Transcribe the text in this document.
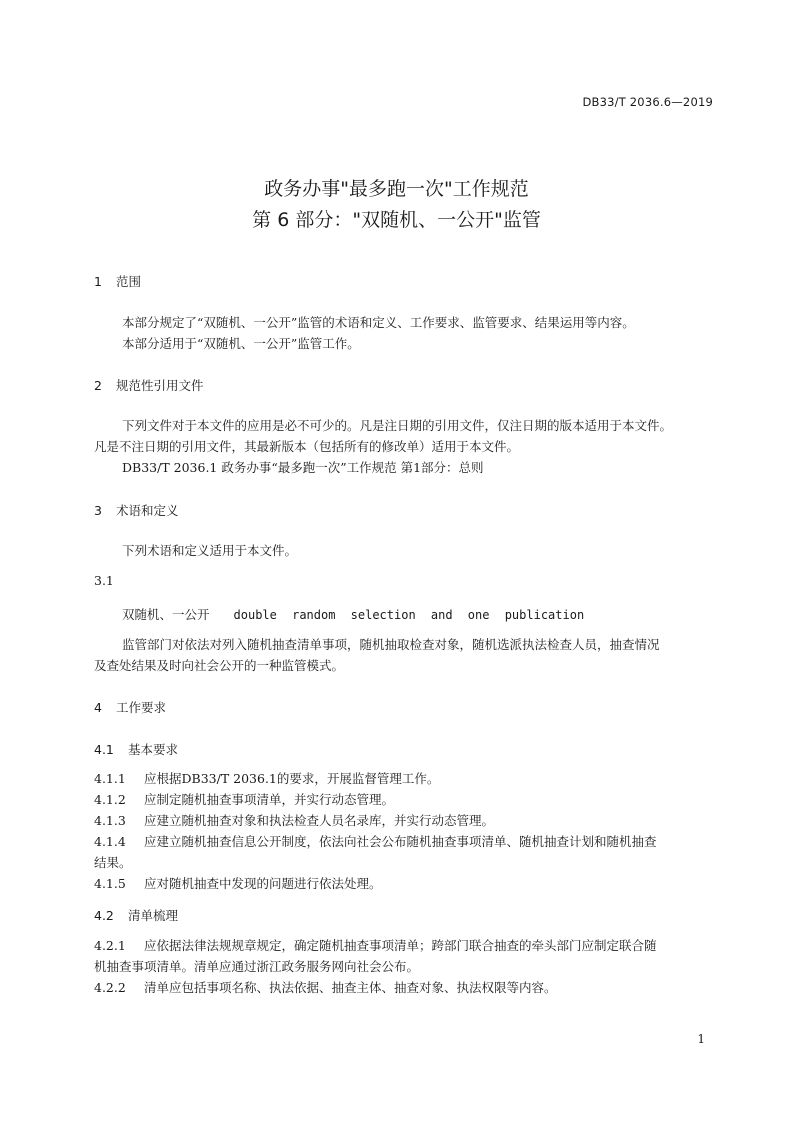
DB33/T 2036.6—2019
政务办事"最多跑一次"工作规范
第 6 部分："双随机、一公开"监管
1 范围
本部分规定了“双随机、一公开”监管的术语和定义、工作要求、监管要求、结果运用等内容。
本部分适用于“双随机、一公开”监管工作。
2 规范性引用文件
下列文件对于本文件的应用是必不可少的。凡是注日期的引用文件，仅注日期的版本适用于本文件。
凡是不注日期的引用文件，其最新版本（包括所有的修改单）适用于本文件。
DB33/T 2036.1 政务办事“最多跑一次”工作规范 第1部分：总则
3 术语和定义
下列术语和定义适用于本文件。
3.1
双随机、一公开 double random selection and one publication
监管部门对依法对列入随机抽查清单事项，随机抽取检查对象，随机选派执法检查人员，抽查情况
及查处结果及时向社会公开的一种监管模式。
4 工作要求
4.1 基本要求
4.1.1 应根据DB33/T 2036.1的要求，开展监督管理工作。
4.1.2 应制定随机抽查事项清单，并实行动态管理。
4.1.3 应建立随机抽查对象和执法检查人员名录库，并实行动态管理。
4.1.4 应建立随机抽查信息公开制度，依法向社会公布随机抽查事项清单、随机抽查计划和随机抽查
结果。
4.1.5 应对随机抽查中发现的问题进行依法处理。
4.2 清单梳理
4.2.1 应依据法律法规规章规定，确定随机抽查事项清单；跨部门联合抽查的牵头部门应制定联合随
机抽查事项清单。清单应通过浙江政务服务网向社会公布。
4.2.2 清单应包括事项名称、执法依据、抽查主体、抽查对象、执法权限等内容。
1
